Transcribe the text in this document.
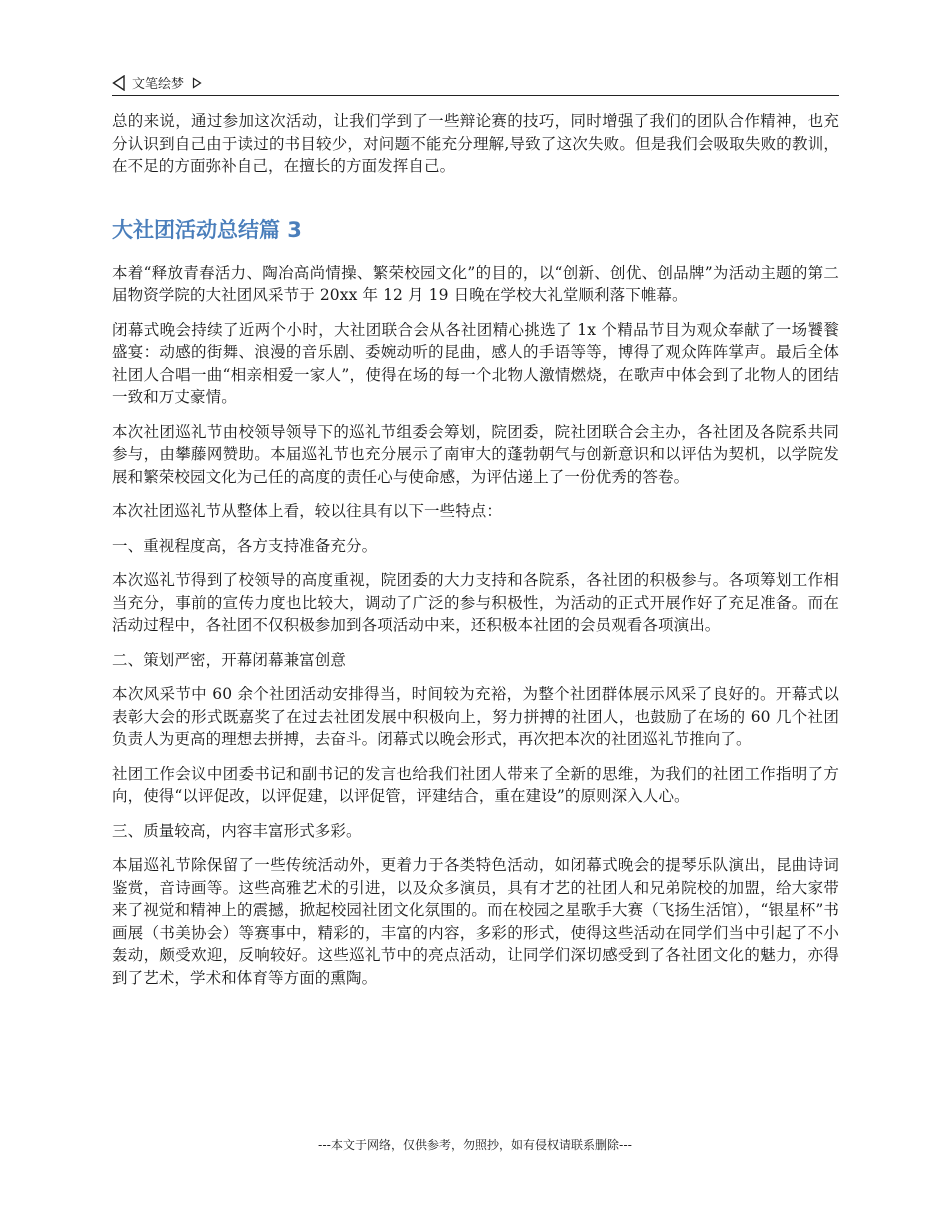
文笔绘梦

总的来说，通过参加这次活动，让我们学到了一些辩论赛的技巧，同时增强了我们的团队合作精神，也充分认识到自己由于读过的书目较少，对问题不能充分理解,导致了这次失败。但是我们会吸取失败的教训，在不足的方面弥补自己，在擅长的方面发挥自己。

大社团活动总结篇 3

本着“释放青春活力、陶冶高尚情操、繁荣校园文化”的目的，以“创新、创优、创品牌”为活动主题的第二届物资学院的大社团风采节于 20xx 年 12 月 19 日晚在学校大礼堂顺利落下帷幕。

闭幕式晚会持续了近两个小时，大社团联合会从各社团精心挑选了 1x 个精品节目为观众奉献了一场饕餮盛宴：动感的街舞、浪漫的音乐剧、委婉动听的昆曲，感人的手语等等，博得了观众阵阵掌声。最后全体社团人合唱一曲“相亲相爱一家人”，使得在场的每一个北物人激情燃烧，在歌声中体会到了北物人的团结一致和万丈豪情。

本次社团巡礼节由校领导领导下的巡礼节组委会筹划，院团委，院社团联合会主办，各社团及各院系共同参与，由攀藤网赞助。本届巡礼节也充分展示了南审大的蓬勃朝气与创新意识和以评估为契机，以学院发展和繁荣校园文化为己任的高度的责任心与使命感，为评估递上了一份优秀的答卷。

本次社团巡礼节从整体上看，较以往具有以下一些特点：

一、重视程度高，各方支持准备充分。

本次巡礼节得到了校领导的高度重视，院团委的大力支持和各院系，各社团的积极参与。各项筹划工作相当充分，事前的宣传力度也比较大，调动了广泛的参与积极性，为活动的正式开展作好了充足准备。而在活动过程中，各社团不仅积极参加到各项活动中来，还积极本社团的会员观看各项演出。

二、策划严密，开幕闭幕兼富创意

本次风采节中 60 余个社团活动安排得当，时间较为充裕，为整个社团群体展示风采了良好的。开幕式以表彰大会的形式既嘉奖了在过去社团发展中积极向上，努力拼搏的社团人，也鼓励了在场的 60 几个社团负责人为更高的理想去拼搏，去奋斗。闭幕式以晚会形式，再次把本次的社团巡礼节推向了。

社团工作会议中团委书记和副书记的发言也给我们社团人带来了全新的思维，为我们的社团工作指明了方向，使得“以评促改，以评促建，以评促管，评建结合，重在建设”的原则深入人心。

三、质量较高，内容丰富形式多彩。

本届巡礼节除保留了一些传统活动外，更着力于各类特色活动，如闭幕式晚会的提琴乐队演出，昆曲诗词鉴赏，音诗画等。这些高雅艺术的引进，以及众多演员，具有才艺的社团人和兄弟院校的加盟，给大家带来了视觉和精神上的震撼，掀起校园社团文化氛围的。而在校园之星歌手大赛（飞扬生活馆），“银星杯”书画展（书美协会）等赛事中，精彩的，丰富的内容，多彩的形式，使得这些活动在同学们当中引起了不小轰动，颇受欢迎，反响较好。这些巡礼节中的亮点活动，让同学们深切感受到了各社团文化的魅力，亦得到了艺术，学术和体育等方面的熏陶。

---本文于网络，仅供参考，勿照抄，如有侵权请联系删除---
